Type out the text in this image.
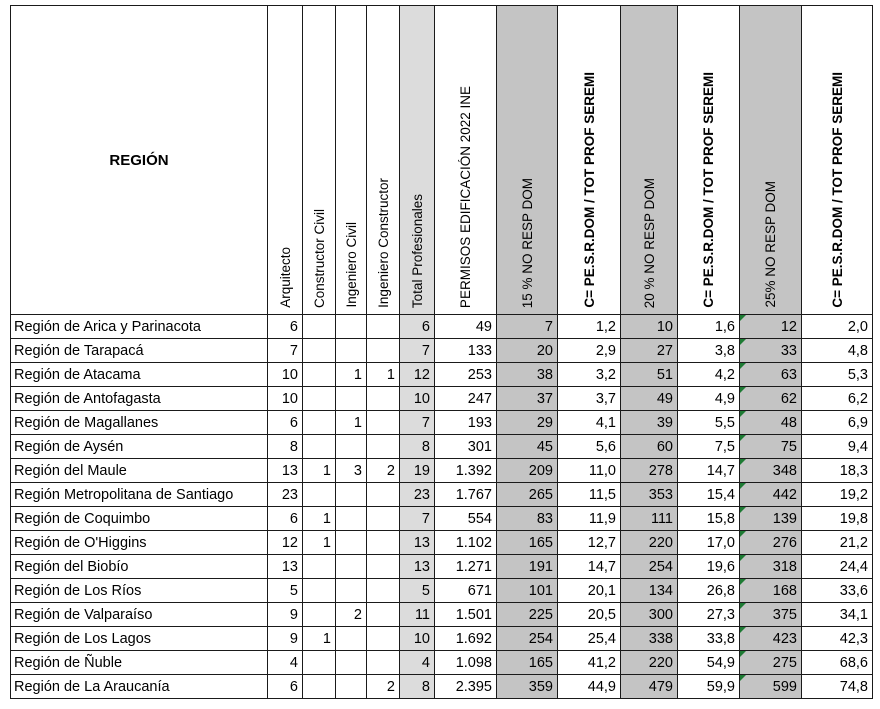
REGIÓN	Arquitecto	Constructor Civil	Ingeniero Civil	Ingeniero Constructor	Total Profesionales	PERMISOS EDIFICACIÓN 2022 INE	15 % NO RESP DOM	C= PE.S.R.DOM / TOT PROF SEREMI	20 % NO RESP DOM	C= PE.S.R.DOM / TOT PROF SEREMI	25% NO RESP DOM	C= PE.S.R.DOM / TOT PROF SEREMI

Región de Arica y Parinacota	6				6	49	7	1,2	10	1,6	12	2,0
Región de Tarapacá	7				7	133	20	2,9	27	3,8	33	4,8
Región de Atacama	10		1	1	12	253	38	3,2	51	4,2	63	5,3
Región de Antofagasta	10				10	247	37	3,7	49	4,9	62	6,2
Región de Magallanes	6		1		7	193	29	4,1	39	5,5	48	6,9
Región de Aysén	8				8	301	45	5,6	60	7,5	75	9,4
Región del Maule	13	1	3	2	19	1.392	209	11,0	278	14,7	348	18,3
Región Metropolitana de Santiago	23				23	1.767	265	11,5	353	15,4	442	19,2
Región de Coquimbo	6	1			7	554	83	11,9	111	15,8	139	19,8
Región de O'Higgins	12	1			13	1.102	165	12,7	220	17,0	276	21,2
Región del Biobío	13				13	1.271	191	14,7	254	19,6	318	24,4
Región de Los Ríos	5				5	671	101	20,1	134	26,8	168	33,6
Región de Valparaíso	9		2		11	1.501	225	20,5	300	27,3	375	34,1
Región de Los Lagos	9	1			10	1.692	254	25,4	338	33,8	423	42,3
Región de Ñuble	4				4	1.098	165	41,2	220	54,9	275	68,6
Región de La Araucanía	6			2	8	2.395	359	44,9	479	59,9	599	74,8
